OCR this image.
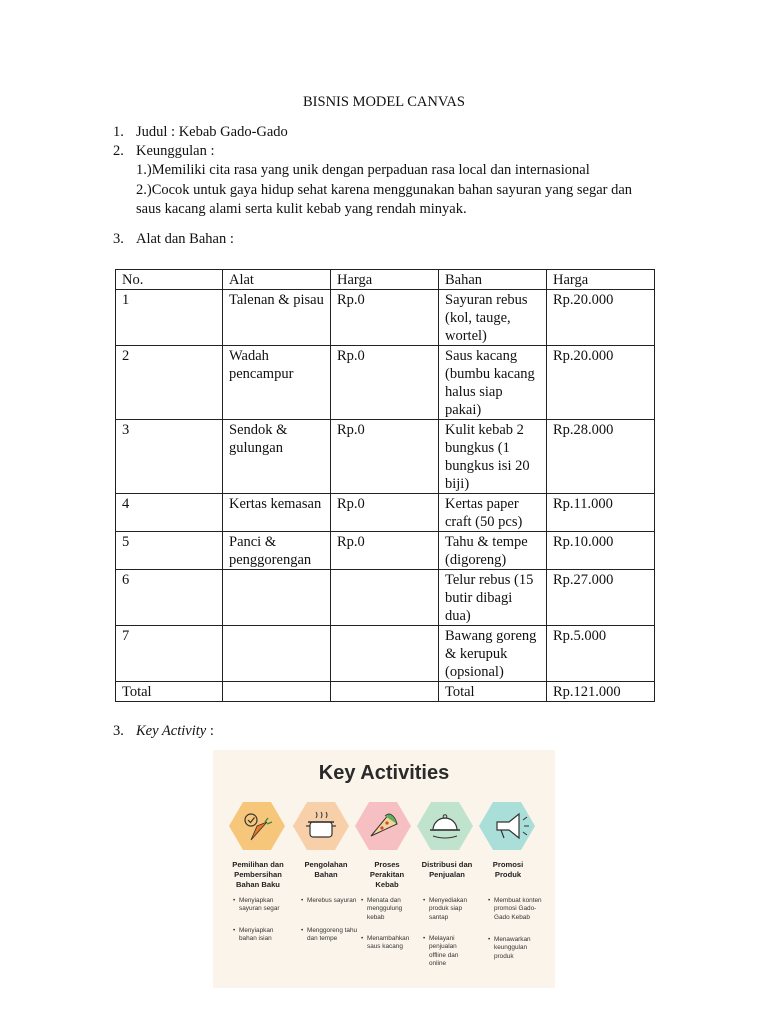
BISNIS MODEL CANVAS
1. Judul : Kebab Gado-Gado
2. Keunggulan :
1.)Memiliki cita rasa yang unik dengan perpaduan rasa local dan internasional
2.)Cocok untuk gaya hidup sehat karena menggunakan bahan sayuran yang segar dan
saus kacang alami serta kulit kebab yang rendah minyak.
3. Alat dan Bahan :
No.	Alat	Harga	Bahan	Harga
1	Talenan & pisau	Rp.0	Sayuran rebus (kol, tauge, wortel)	Rp.20.000
2	Wadah pencampur	Rp.0	Saus kacang (bumbu kacang halus siap pakai)	Rp.20.000
3	Sendok & gulungan	Rp.0	Kulit kebab 2 bungkus (1 bungkus isi 20 biji)	Rp.28.000
4	Kertas kemasan	Rp.0	Kertas paper craft (50 pcs)	Rp.11.000
5	Panci & penggorengan	Rp.0	Tahu & tempe (digoreng)	Rp.10.000
6			Telur rebus (15 butir dibagi dua)	Rp.27.000
7			Bawang goreng & kerupuk (opsional)	Rp.5.000
Total			Total	Rp.121.000
3. Key Activity :
Key Activities
Pemilihan dan Pembersihan Bahan Baku
Pengolahan Bahan
Proses Perakitan Kebab
Distribusi dan Penjualan
Promosi Produk
• Menyiapkan sayuran segar
• Menyiapkan bahan isian
• Merebus sayuran
• Menggoreng tahu dan tempe
• Menata dan menggulung kebab
• Menambahkan saus kacang
• Menyediakan produk siap santap
• Melayani penjualan offline dan online
• Membuat konten promosi Gado-Gado Kebab
• Menawarkan keunggulan produk
